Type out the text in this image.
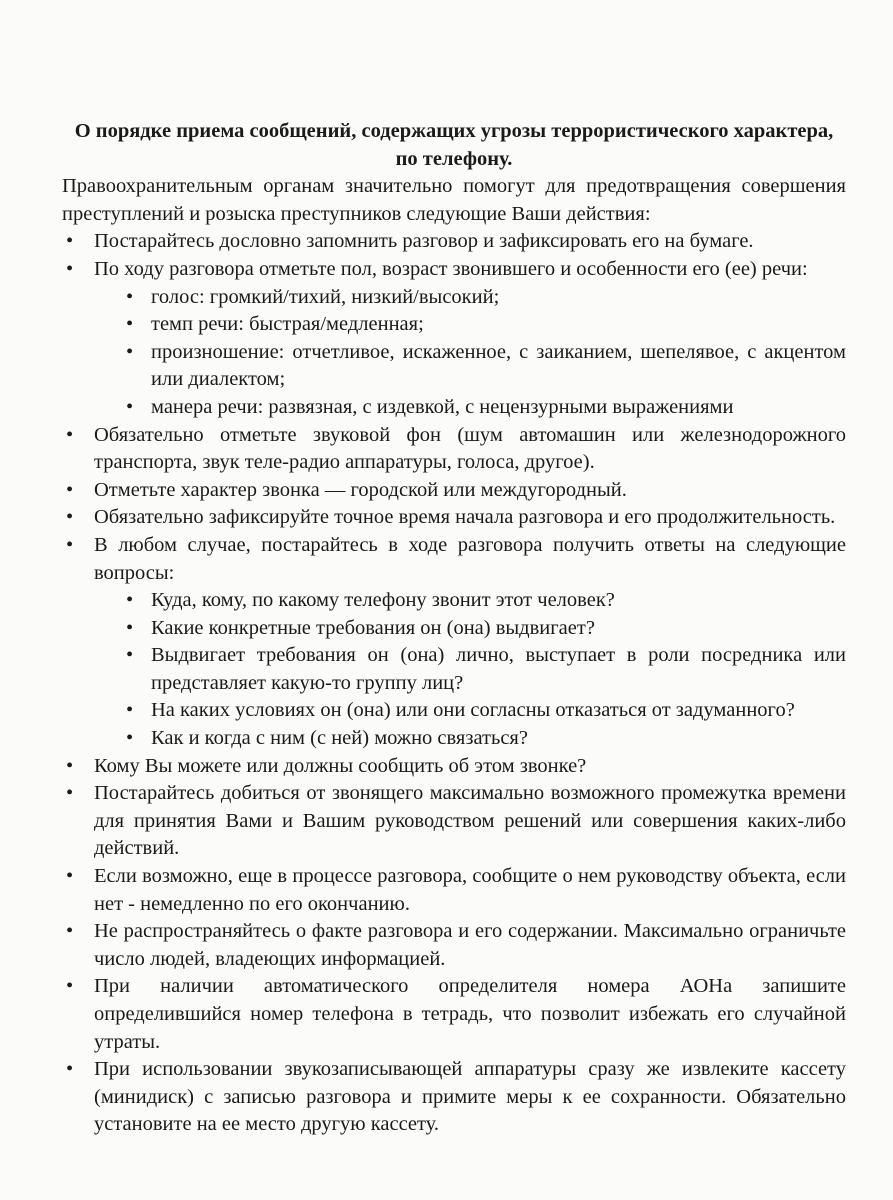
О порядке приема сообщений, содержащих угрозы террористического характера, по телефону.

Правоохранительным органам значительно помогут для предотвращения совершения преступлений и розыска преступников следующие Ваши действия:

• Постарайтесь дословно запомнить разговор и зафиксировать его на бумаге.
• По ходу разговора отметьте пол, возраст звонившего и особенности его (ее) речи:
• голос: громкий/тихий, низкий/высокий;
• темп речи: быстрая/медленная;
• произношение: отчетливое, искаженное, с заиканием, шепелявое, с акцентом или диалектом;
• манера речи: развязная, с издевкой, с нецензурными выражениями
• Обязательно отметьте звуковой фон (шум автомашин или железнодорожного транспорта, звук теле-радио аппаратуры, голоса, другое).
• Отметьте характер звонка — городской или междугородный.
• Обязательно зафиксируйте точное время начала разговора и его продолжительность.
• В любом случае, постарайтесь в ходе разговора получить ответы на следующие вопросы:
• Куда, кому, по какому телефону звонит этот человек?
• Какие конкретные требования он (она) выдвигает?
• Выдвигает требования он (она) лично, выступает в роли посредника или представляет какую-то группу лиц?
• На каких условиях он (она) или они согласны отказаться от задуманного?
• Как и когда с ним (с ней) можно связаться?
• Кому Вы можете или должны сообщить об этом звонке?
• Постарайтесь добиться от звонящего максимально возможного промежутка времени для принятия Вами и Вашим руководством решений или совершения каких-либо действий.
• Если возможно, еще в процессе разговора, сообщите о нем руководству объекта, если нет - немедленно по его окончанию.
• Не распространяйтесь о факте разговора и его содержании. Максимально ограничьте число людей, владеющих информацией.
• При наличии автоматического определителя номера АОНа запишите определившийся номер телефона в тетрадь, что позволит избежать его случайной утраты.
• При использовании звукозаписывающей аппаратуры сразу же извлеките кассету (минидиск) с записью разговора и примите меры к ее сохранности. Обязательно установите на ее место другую кассету.
